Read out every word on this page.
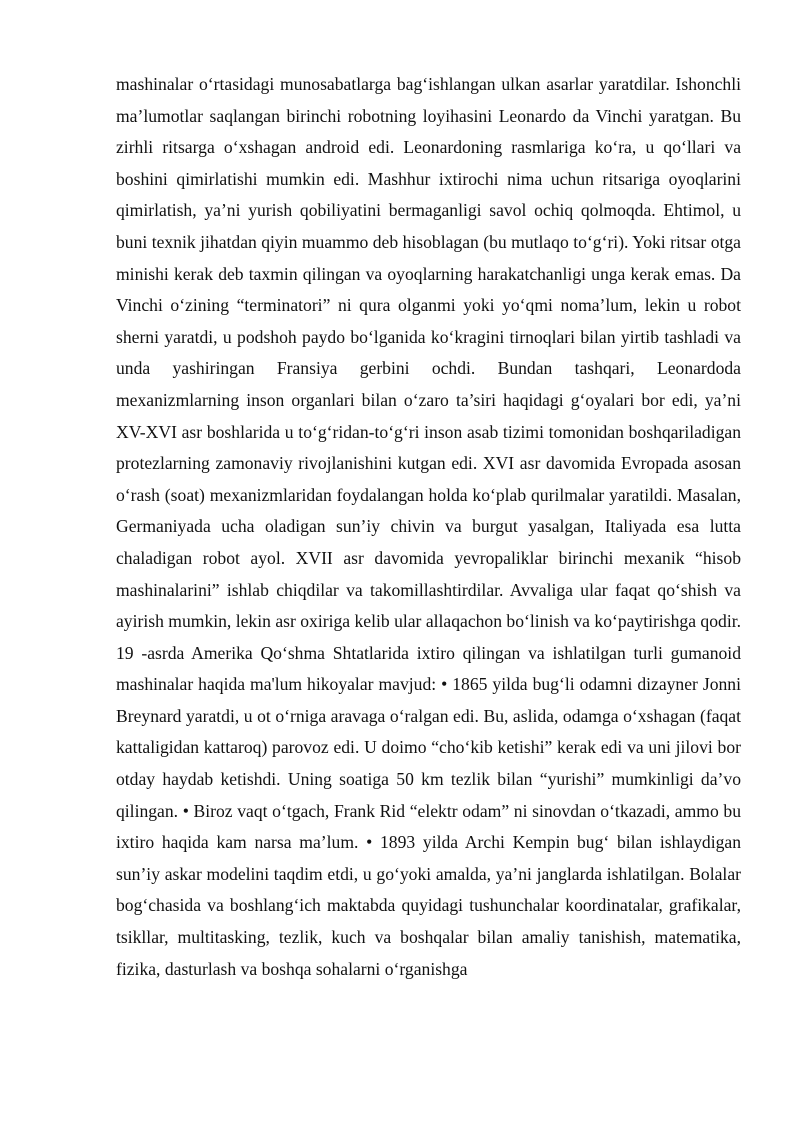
mashinalar o‘rtasidagi munosabatlarga bag‘ishlangan ulkan asarlar yaratdilar. Ishonchli ma’lumotlar saqlangan birinchi robotning loyihasini Leonardo da Vinchi yaratgan. Bu zirhli ritsarga o‘xshagan android edi. Leonardoning rasmlariga ko‘ra, u qo‘llari va boshini qimirlatishi mumkin edi. Mashhur ixtirochi nima uchun ritsariga oyoqlarini qimirlatish, ya’ni yurish qobiliyatini bermaganligi savol ochiq qolmoqda. Ehtimol, u buni texnik jihatdan qiyin muammo deb hisoblagan (bu mutlaqo to‘g‘ri). Yoki ritsar otga minishi kerak deb taxmin qilingan va oyoqlarning harakatchanligi unga kerak emas. Da Vinchi o‘zining “terminatori” ni qura olganmi yoki yo‘qmi noma’lum, lekin u robot sherni yaratdi, u podshoh paydo bo‘lganida ko‘kragini tirnoqlari bilan yirtib tashladi va unda yashiringan Fransiya gerbini ochdi. Bundan tashqari, Leonardoda mexanizmlarning inson organlari bilan o‘zaro ta’siri haqidagi g‘oyalari bor edi, ya’ni XV-XVI asr boshlarida u to‘g‘ridan-to‘g‘ri inson asab tizimi tomonidan boshqariladigan protezlarning zamonaviy rivojlanishini kutgan edi. XVI asr davomida Evropada asosan o‘rash (soat) mexanizmlaridan foydalangan holda ko‘plab qurilmalar yaratildi. Masalan, Germaniyada ucha oladigan sun’iy chivin va burgut yasalgan, Italiyada esa lutta chaladigan robot ayol. XVII asr davomida yevropaliklar birinchi mexanik “hisob mashinalarini” ishlab chiqdilar va takomillashtirdilar. Avvaliga ular faqat qo‘shish va ayirish mumkin, lekin asr oxiriga kelib ular allaqachon bo‘linish va ko‘paytirishga qodir. 19 -asrda Amerika Qo‘shma Shtatlarida ixtiro qilingan va ishlatilgan turli gumanoid mashinalar haqida ma'lum hikoyalar mavjud: • 1865 yilda bug‘li odamni dizayner Jonni Breynard yaratdi, u ot o‘rniga aravaga o‘ralgan edi. Bu, aslida, odamga o‘xshagan (faqat kattaligidan kattaroq) parovoz edi. U doimo “cho‘kib ketishi” kerak edi va uni jilovi bor otday haydab ketishdi. Uning soatiga 50 km tezlik bilan “yurishi” mumkinligi da’vo qilingan. • Biroz vaqt o‘tgach, Frank Rid “elektr odam” ni sinovdan o‘tkazadi, ammo bu ixtiro haqida kam narsa ma’lum. • 1893 yilda Archi Kempin bug‘ bilan ishlaydigan sun’iy askar modelini taqdim etdi, u go‘yoki amalda, ya’ni janglarda ishlatilgan. Bolalar bog‘chasida va boshlang‘ich maktabda quyidagi tushunchalar koordinatalar, grafikalar, tsikllar, multitasking, tezlik, kuch va boshqalar bilan amaliy tanishish, matematika, fizika, dasturlash va boshqa sohalarni o‘rganishga
